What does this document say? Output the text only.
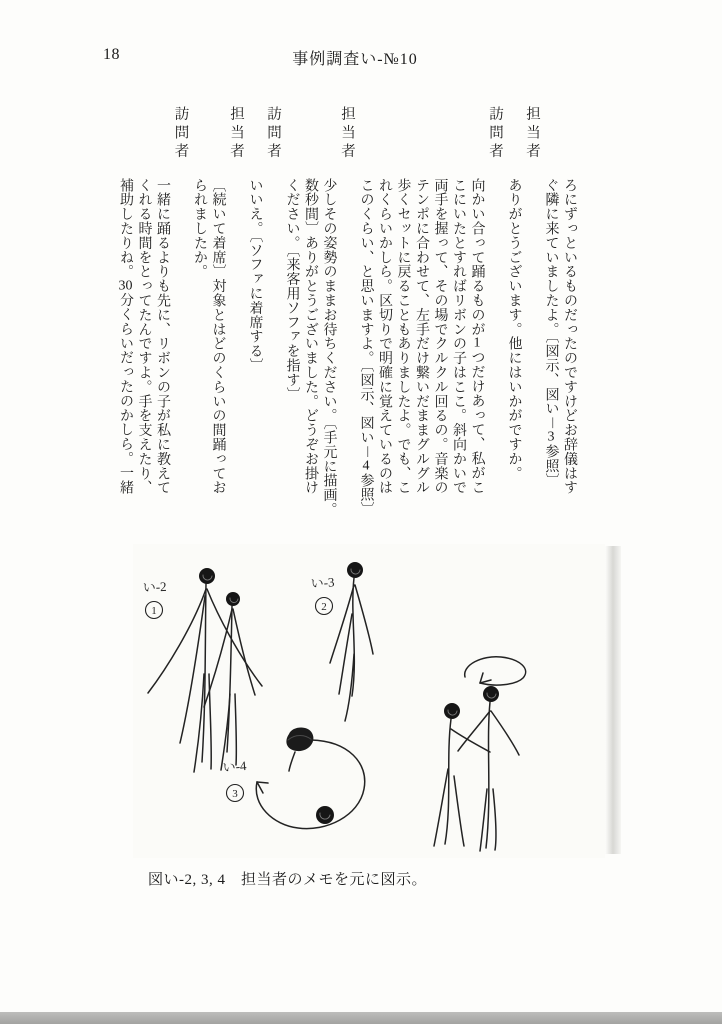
18	事例調査い-№10
ろにずっといるものだったのですけどお辞儀はす
ぐ隣に来ていましたよ。〔図示、図い－3参照〕
担当者
ありがとうございます。他にはいかがですか。
訪問者
向かい合って踊るものが1つだけあって、私がこ
こにいたとすればリボンの子はここ。斜向かいで
両手を握って、その場でクルクル回るの。音楽の
テンポに合わせて、左手だけ繋いだままグルグル
歩くセットに戻ることもありましたよ。でも、こ
れくらいかしら。区切りで明確に覚えているのは
このくらい、と思いますよ。〔図示、図い－4参照〕
担当者
少しその姿勢のままお待ちください。〔手元に描画。
数秒間〕ありがとうございました。どうぞお掛け
ください。〔来客用ソファを指す〕
訪問者
いいえ。〔ソファに着席する〕
担当者
〔続いて着席〕対象とはどのくらいの間踊ってお
られましたか。
訪問者
一緒に踊るよりも先に、リボンの子が私に教えて
くれる時間をとってたんですよ。手を支えたり、
補助したりね。30分くらいだったのかしら。一緒
い-2
1
い-3
2
い-4
3
図い-2, 3, 4　担当者のメモを元に図示。
